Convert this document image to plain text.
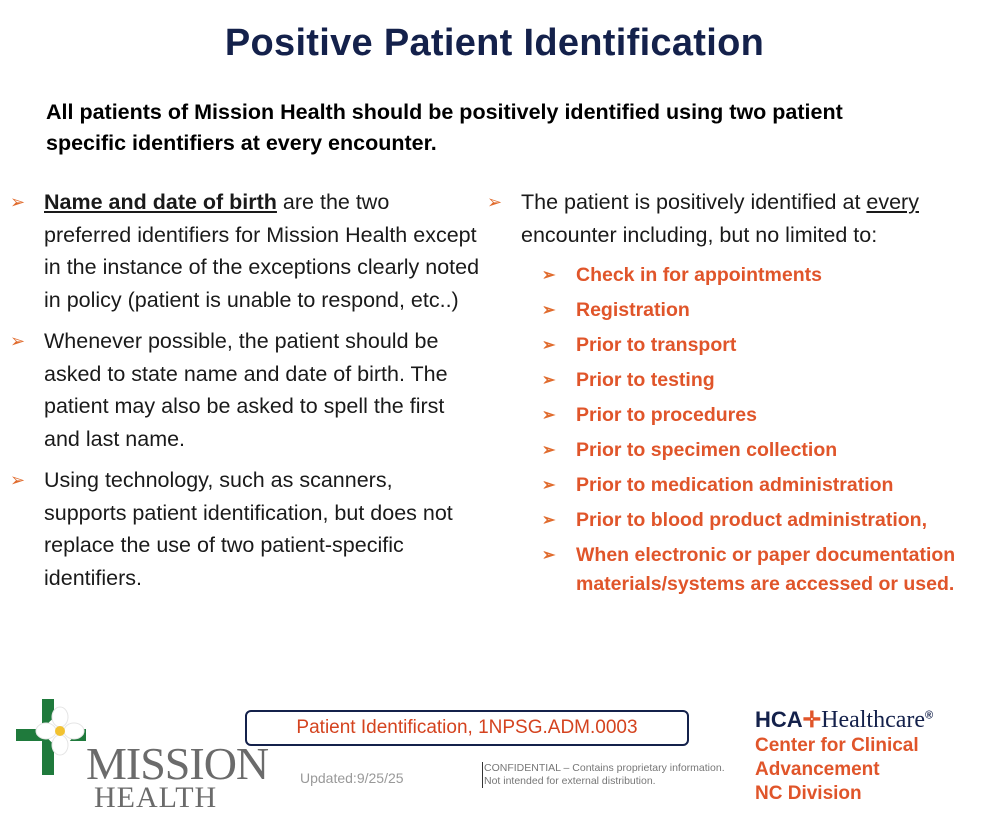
Positive Patient Identification
All patients of Mission Health should be positively identified using two patient specific identifiers at every encounter.
➢ Name and date of birth are the two preferred identifiers for Mission Health except in the instance of the exceptions clearly noted in policy (patient is unable to respond, etc..)
➢ Whenever possible, the patient should be asked to state name and date of birth. The patient may also be asked to spell the first and last name.
➢ Using technology, such as scanners, supports patient identification, but does not replace the use of two patient-specific identifiers.
➢ The patient is positively identified at every encounter including, but no limited to:
➢ Check in for appointments
➢ Registration
➢ Prior to transport
➢ Prior to testing
➢ Prior to procedures
➢ Prior to specimen collection
➢ Prior to medication administration
➢ Prior to blood product administration,
➢ When electronic or paper documentation materials/systems are accessed or used.
MISSION
HEALTH
Patient Identification, 1NPSG.ADM.0003
Updated:9/25/25
CONFIDENTIAL – Contains proprietary information.
Not intended for external distribution.
HCA✛Healthcare®
Center for Clinical
Advancement
NC Division
